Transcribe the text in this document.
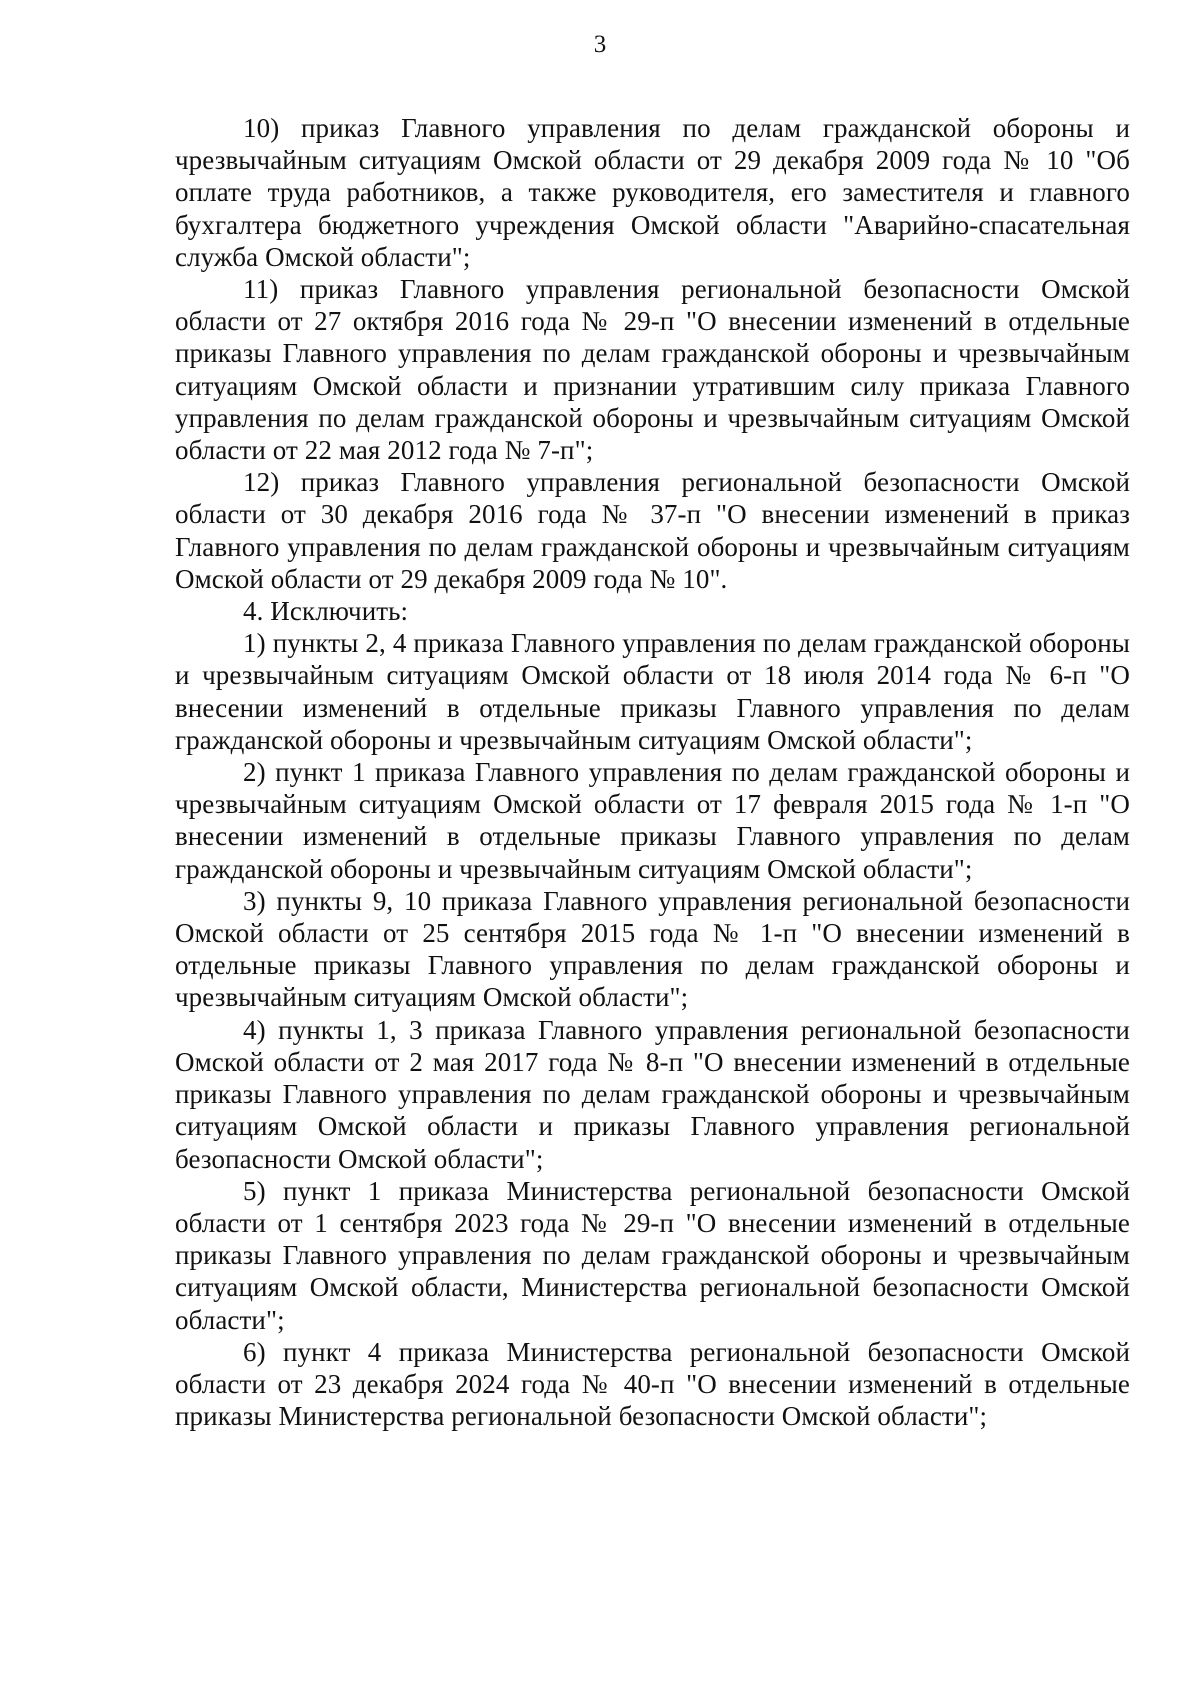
3

10) приказ Главного управления по делам гражданской обороны и чрезвычайным ситуациям Омской области от 29 декабря 2009 года № 10 "Об оплате труда работников, а также руководителя, его заместителя и главного бухгалтера бюджетного учреждения Омской области "Аварийно-спасательная служба Омской области";

11) приказ Главного управления региональной безопасности Омской области от 27 октября 2016 года № 29-п "О внесении изменений в отдельные приказы Главного управления по делам гражданской обороны и чрезвычайным ситуациям Омской области и признании утратившим силу приказа Главного управления по делам гражданской обороны и чрезвычайным ситуациям Омской области от 22 мая 2012 года № 7-п";

12) приказ Главного управления региональной безопасности Омской области от 30 декабря 2016 года № 37-п "О внесении изменений в приказ Главного управления по делам гражданской обороны и чрезвычайным ситуациям Омской области от 29 декабря 2009 года № 10".

4. Исключить:

1) пункты 2, 4 приказа Главного управления по делам гражданской обороны и чрезвычайным ситуациям Омской области от 18 июля 2014 года № 6-п "О внесении изменений в отдельные приказы Главного управления по делам гражданской обороны и чрезвычайным ситуациям Омской области";

2) пункт 1 приказа Главного управления по делам гражданской обороны и чрезвычайным ситуациям Омской области от 17 февраля 2015 года № 1-п "О внесении изменений в отдельные приказы Главного управления по делам гражданской обороны и чрезвычайным ситуациям Омской области";

3) пункты 9, 10 приказа Главного управления региональной безопасности Омской области от 25 сентября 2015 года № 1-п "О внесении изменений в отдельные приказы Главного управления по делам гражданской обороны и чрезвычайным ситуациям Омской области";

4) пункты 1, 3 приказа Главного управления региональной безопасности Омской области от 2 мая 2017 года № 8-п "О внесении изменений в отдельные приказы Главного управления по делам гражданской обороны и чрезвычайным ситуациям Омской области и приказы Главного управления региональной безопасности Омской области";

5) пункт 1 приказа Министерства региональной безопасности Омской области от 1 сентября 2023 года № 29-п "О внесении изменений в отдельные приказы Главного управления по делам гражданской обороны и чрезвычайным ситуациям Омской области, Министерства региональной безопасности Омской области";

6) пункт 4 приказа Министерства региональной безопасности Омской области от 23 декабря 2024 года № 40-п "О внесении изменений в отдельные приказы Министерства региональной безопасности Омской области";
